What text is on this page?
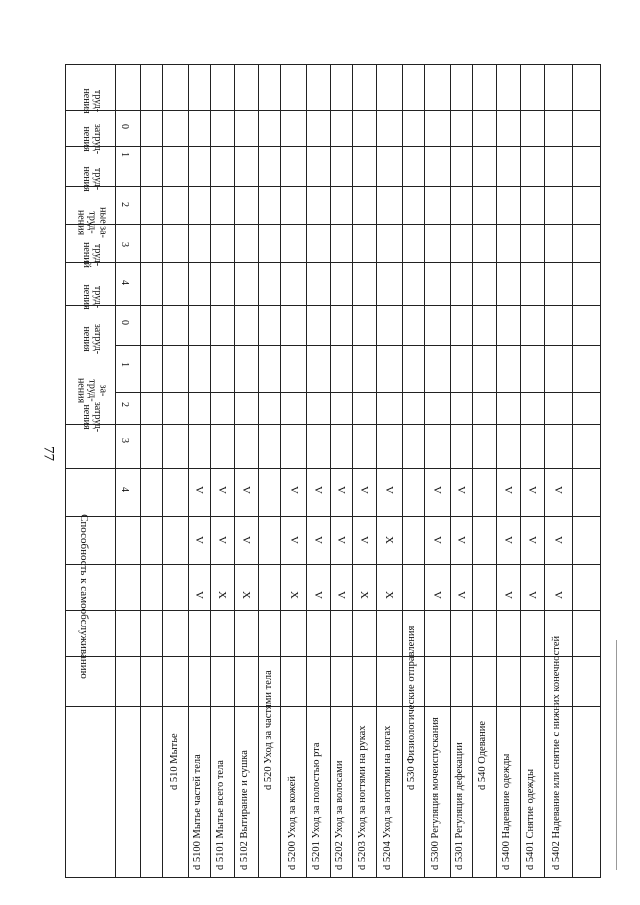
77
труд-
нения
затруд-
нения
труд-
нения
ные за-
труд-
нения
труд-
нений
труд-
нения
затруд-
нения
за-
труд-
нения
затруд-
нения
0
1
2
3
4
0
1
2
3
4
Способность к самообслуживанию
d 510 Мытье d 5100 Мытье частей тела
V
V
V
d 5101 Мытье всего тела
X
V
V
d 5102 Вытирание и сушка
X
V
V
d 520 Уход за частями тела
d 5200 Уход за кожей
X
V
V
d 5201 Уход за полостью рта
V
V
V
d 5202 Уход за волосами
V
V
V
d 5203 Уход за ногтями на руках
X
V
V
d 5204 Уход за ногтями на ногах
X
X
V
d 530 Физиологические отправления
d 5300 Регуляция мочеиспускания
V
V
V
d 5301 Регуляция дефекации
V
V
V
d 540 Одевание d 5400 Надевание одежды
V
V
V
d 5401 Снятие одежды
V
V
V
d 5402 Надевание или снятие с нижних конечностей
V
V
V
